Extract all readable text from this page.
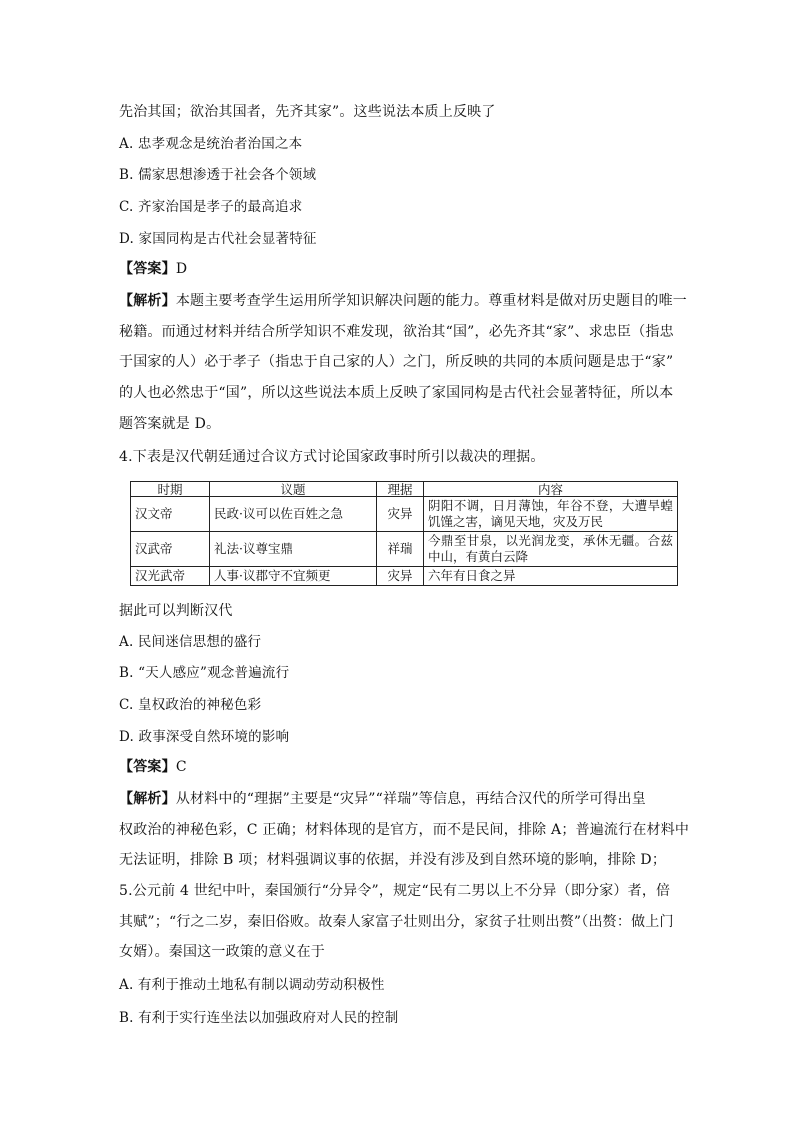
先治其国；欲治其国者，先齐其家”。这些说法本质上反映了
A. 忠孝观念是统治者治国之本
B. 儒家思想渗透于社会各个领域
C. 齐家治国是孝子的最高追求
D. 家国同构是古代社会显著特征
【答案】D
【解析】本题主要考查学生运用所学知识解决问题的能力。尊重材料是做对历史题目的唯一
秘籍。而通过材料并结合所学知识不难发现，欲治其“国”，必先齐其“家”、求忠臣（指忠
于国家的人）必于孝子（指忠于自己家的人）之门，所反映的共同的本质问题是忠于“家”
的人也必然忠于“国”，所以这些说法本质上反映了家国同构是古代社会显著特征，所以本
题答案就是 D。
4.下表是汉代朝廷通过合议方式讨论国家政事时所引以裁决的理据。
时期	议题	理据	内容
汉文帝	民政·议可以佐百姓之急	灾异	阴阳不调，日月薄蚀，年谷不登，大遭旱蝗饥馑之害，谪见天地，灾及万民
汉武帝	礼法·议尊宝鼎	祥瑞	今鼎至甘泉，以光润龙变，承休无疆。合兹中山，有黄白云降
汉光武帝	人事·议郡守不宜频更	灾异	六年有日食之异
据此可以判断汉代
A. 民间迷信思想的盛行
B. “天人感应”观念普遍流行
C. 皇权政治的神秘色彩
D. 政事深受自然环境的影响
【答案】C
【解析】从材料中的“理据”主要是“灾异”“祥瑞”等信息，再结合汉代的所学可得出皇
权政治的神秘色彩，C 正确；材料体现的是官方，而不是民间，排除 A；普遍流行在材料中
无法证明，排除 B 项；材料强调议事的依据，并没有涉及到自然环境的影响，排除 D；
5.公元前 4 世纪中叶，秦国颁行“分异令”，规定“民有二男以上不分异（即分家）者，倍
其赋”；“行之二岁，秦旧俗败。故秦人家富子壮则出分，家贫子壮则出赘”（出赘：做上门
女婿）。秦国这一政策的意义在于
A. 有利于推动土地私有制以调动劳动积极性
B. 有利于实行连坐法以加强政府对人民的控制
